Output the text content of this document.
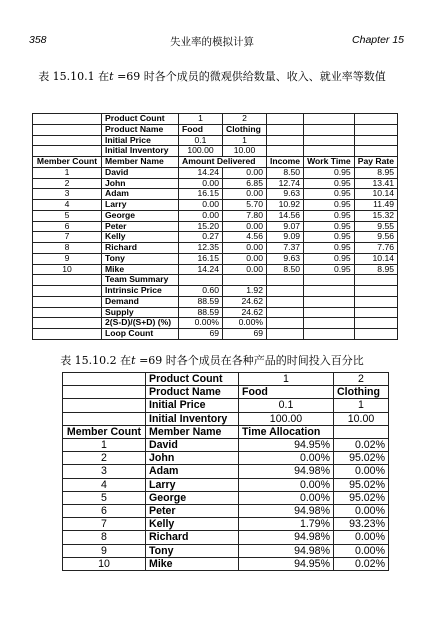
358	失业率的模拟计算	Chapter 15
表 15.10.1 在t =69 时各个成员的微观供给数量、收入、就业率等数值
	Product Count	1	2			
	Product Name	Food	Clothing			
	Initial Price	0.1	1			
	Initial Inventory	100.00	10.00			
Member Count	Member Name	Amount Delivered		Income	Work Time	Pay Rate
1	David	14.24	0.00	8.50	0.95	8.95
2	John	0.00	6.85	12.74	0.95	13.41
3	Adam	16.15	0.00	9.63	0.95	10.14
4	Larry	0.00	5.70	10.92	0.95	11.49
5	George	0.00	7.80	14.56	0.95	15.32
6	Peter	15.20	0.00	9.07	0.95	9.55
7	Kelly	0.27	4.56	9.09	0.95	9.56
8	Richard	12.35	0.00	7.37	0.95	7.76
9	Tony	16.15	0.00	9.63	0.95	10.14
10	Mike	14.24	0.00	8.50	0.95	8.95
	Team Summary					
	Intrinsic Price	0.60	1.92			
	Demand	88.59	24.62			
	Supply	88.59	24.62			
	2(S-D)/(S+D) (%)	0.00%	0.00%			
	Loop Count	69	69			
表 15.10.2 在t =69 时各个成员在各种产品的时间投入百分比
	Product Count	1	2
	Product Name	Food	Clothing
	Initial Price	0.1	1
	Initial Inventory	100.00	10.00
Member Count	Member Name	Time Allocation	
1	David	94.95%	0.02%
2	John	0.00%	95.02%
3	Adam	94.98%	0.00%
4	Larry	0.00%	95.02%
5	George	0.00%	95.02%
6	Peter	94.98%	0.00%
7	Kelly	1.79%	93.23%
8	Richard	94.98%	0.00%
9	Tony	94.98%	0.00%
10	Mike	94.95%	0.02%
